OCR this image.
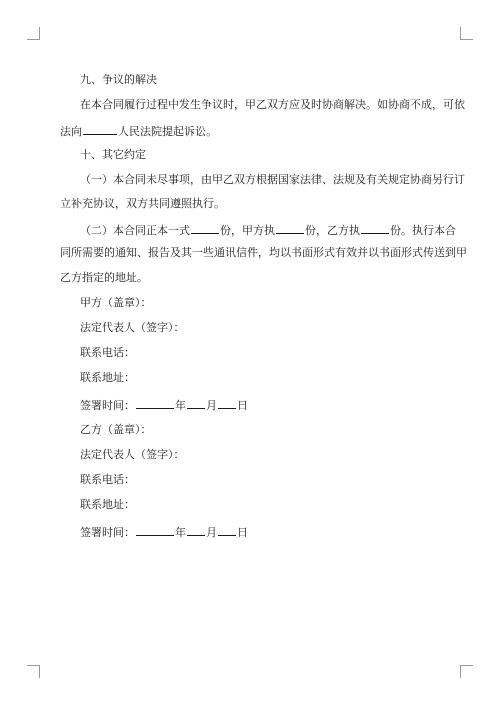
九、争议的解决
在本合同履行过程中发生争议时，甲乙双方应及时协商解决。如协商不成，可依
法向	人民法院提起诉讼。
十、其它约定
（一）本合同未尽事项，由甲乙双方根据国家法律、法规及有关规定协商另行订
立补充协议，双方共同遵照执行。
（二）本合同正本一式	份，甲方执	份，乙方执	份。执行本合
同所需要的通知、报告及其一些通讯信件，均以书面形式有效并以书面形式传送到甲
乙方指定的地址。
甲方（盖章）：
法定代表人（签字）：
联系电话：
联系地址：
签署时间：	年 月 日
乙方（盖章）：
法定代表人（签字）：
联系电话：
联系地址：
签署时间：	年 月 日
